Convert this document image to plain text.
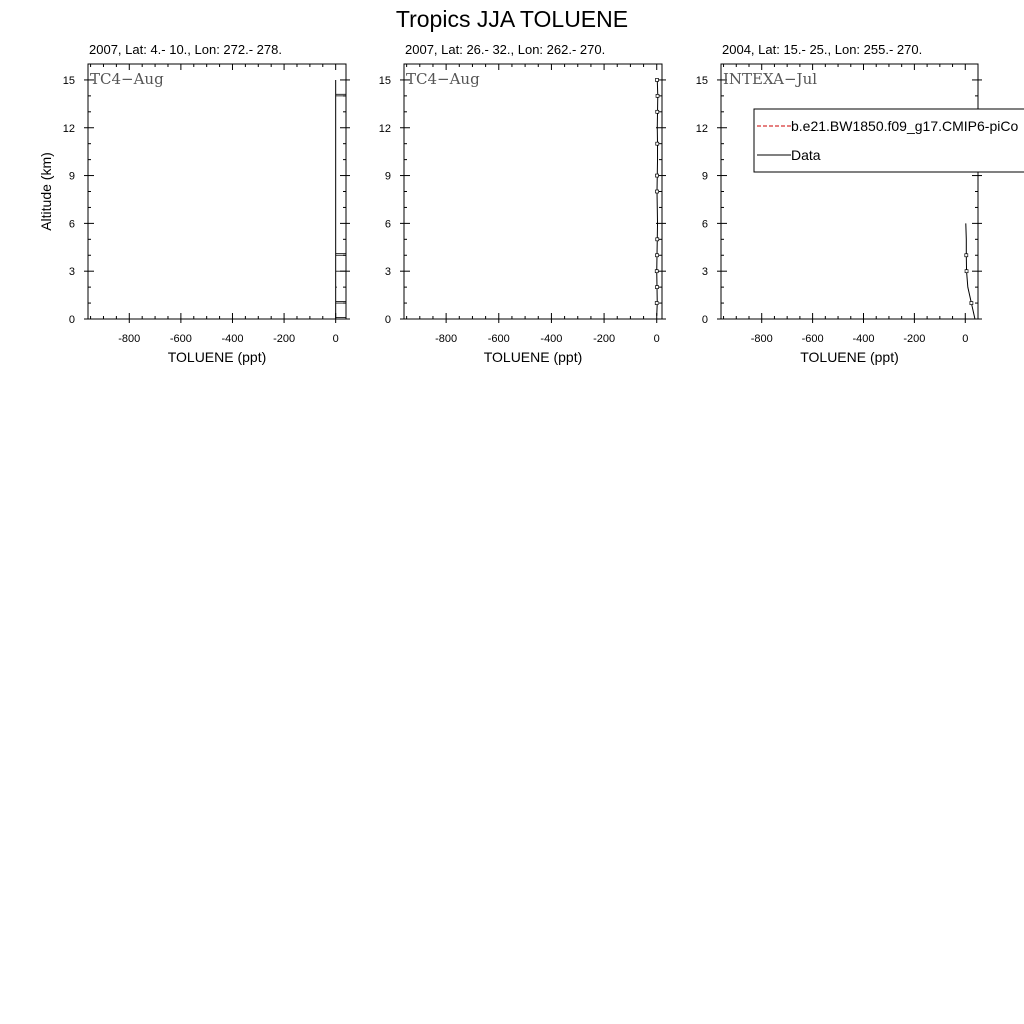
Tropics JJA TOLUENE
2007, Lat: 4.- 10., Lon: 272.- 278.
-800	-600	-400	-200	0
0
3
6
9
12
15
TOLUENE (ppt)
Altitude (km)
TC4−Aug
2007, Lat: 26.- 32., Lon: 262.- 270.
-800	-600	-400	-200	0
0
3
6
9
12
15
TOLUENE (ppt)
TC4−Aug
2004, Lat: 15.- 25., Lon: 255.- 270.
-800	-600	-400	-200	0
0
3
6
9
12
15
TOLUENE (ppt)
INTEXA−Jul
b.e21.BW1850.f09_g17.CMIP6-piCo
Data
